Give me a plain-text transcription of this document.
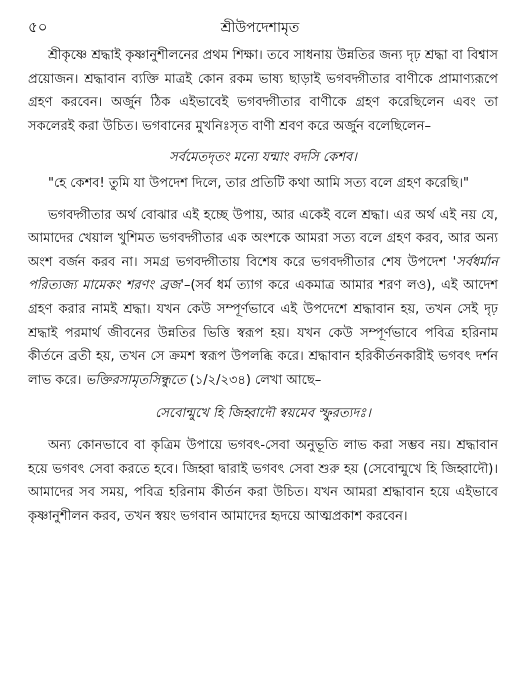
৫০	শ্রীউপদেশামৃত

শ্রীকৃষ্ণে শ্রদ্ধাই কৃষ্ণানুশীলনের প্রথম শিক্ষা। তবে সাধনায় উন্নতির জন্য দৃঢ় শ্রদ্ধা বা বিশ্বাস প্রয়োজন। শ্রদ্ধাবান ব্যক্তি মাত্রই কোন রকম ভাষ্য ছাড়াই ভগবদ্গীতার বাণীকে প্রামাণ্যরূপে গ্রহণ করবেন। অর্জুন ঠিক এইভাবেই ভগবদ্গীতার বাণীকে গ্রহণ করেছিলেন এবং তা সকলেরই করা উচিত। ভগবানের মুখনিঃসৃত বাণী শ্রবণ করে অর্জুন বলেছিলেন–

সর্বমেতদৃতং মন্যে যন্মাং বদসি কেশব।

"হে কেশব! তুমি যা উপদেশ দিলে, তার প্রতিটি কথা আমি সত্য বলে গ্রহণ করেছি।"

ভগবদ্গীতার অর্থ বোঝার এই হচ্ছে উপায়, আর একেই বলে শ্রদ্ধা। এর অর্থ এই নয় যে, আমাদের খেয়াল খুশিমত ভগবদ্গীতার এক অংশকে আমরা সত্য বলে গ্রহণ করব, আর অন্য অংশ বর্জন করব না। সমগ্র ভগবদ্গীতায় বিশেষ করে ভগবদ্গীতার শেষ উপদেশ 'সর্বধর্মান পরিত্যজ্য মামেকং শরণং ব্রজ'–(সর্ব ধর্ম ত্যাগ করে একমাত্র আমার শরণ লও), এই আদেশ গ্রহণ করার নামই শ্রদ্ধা। যখন কেউ সম্পূর্ণভাবে এই উপদেশে শ্রদ্ধাবান হয়, তখন সেই দৃঢ় শ্রদ্ধাই পরমার্থ জীবনের উন্নতির ভিত্তি স্বরূপ হয়। যখন কেউ সম্পূর্ণভাবে পবিত্র হরিনাম কীর্তনে ব্রতী হয়, তখন সে ক্রমশ স্বরূপ উপলব্ধি করে। শ্রদ্ধাবান হরিকীর্তনকারীই ভগবৎ দর্শন লাভ করে। ভক্তিরসামৃতসিন্ধুতে (১/২/২৩৪) লেখা আছে–

সেবোন্মুখে হি জিহ্বাদৌ স্বয়মেব স্ফুরত্যদঃ।

অন্য কোনভাবে বা কৃত্রিম উপায়ে ভগবৎ-সেবা অনুভূতি লাভ করা সম্ভব নয়। শ্রদ্ধাবান হয়ে ভগবৎ সেবা করতে হবে। জিহ্বা দ্বারাই ভগবৎ সেবা শুরু হয় (সেবোন্মুখে হি জিহ্বাদৌ)। আমাদের সব সময়, পবিত্র হরিনাম কীর্তন করা উচিত। যখন আমরা শ্রদ্ধাবান হয়ে এইভাবে কৃষ্ণানুশীলন করব, তখন স্বয়ং ভগবান আমাদের হৃদয়ে আত্মপ্রকাশ করবেন।
